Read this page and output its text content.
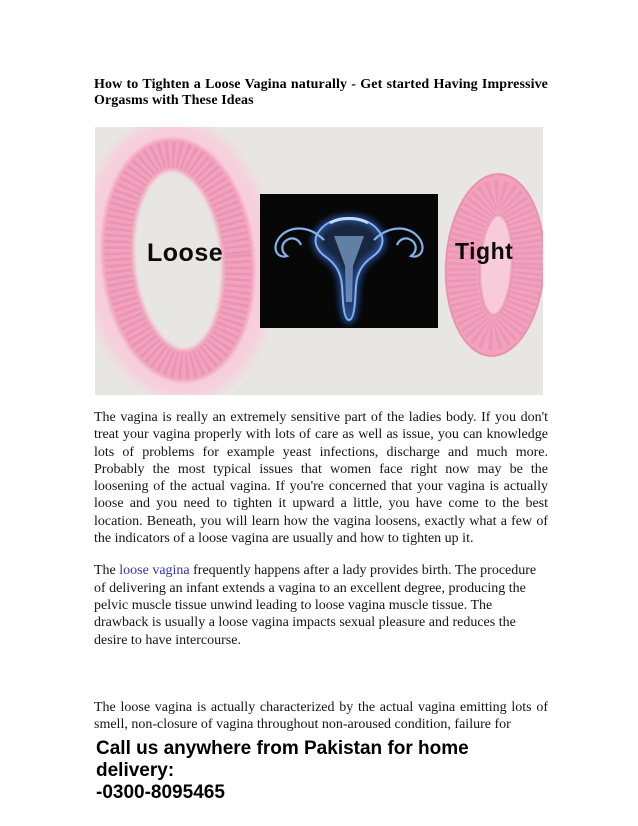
How to Tighten a Loose Vagina naturally - Get started Having Impressive Orgasms with These Ideas
Loose	Tight

The vagina is really an extremely sensitive part of the ladies body. If you don't treat your vagina properly with lots of care as well as issue, you can knowledge lots of problems for example yeast infections, discharge and much more. Probably the most typical issues that women face right now may be the loosening of the actual vagina. If you're concerned that your vagina is actually loose and you need to tighten it upward a little, you have come to the best location. Beneath, you will learn how the vagina loosens, exactly what a few of the indicators of a loose vagina are usually and how to tighten up it.

The loose vagina frequently happens after a lady provides birth. The procedure of delivering an infant extends a vagina to an excellent degree, producing the pelvic muscle tissue unwind leading to loose vagina muscle tissue. The drawback is usually a loose vagina impacts sexual pleasure and reduces the desire to have intercourse.

The loose vagina is actually characterized by the actual vagina emitting lots of smell, non-closure of vagina throughout non-aroused condition, failure for

Call us anywhere from Pakistan for home
delivery:
-0300-8095465
